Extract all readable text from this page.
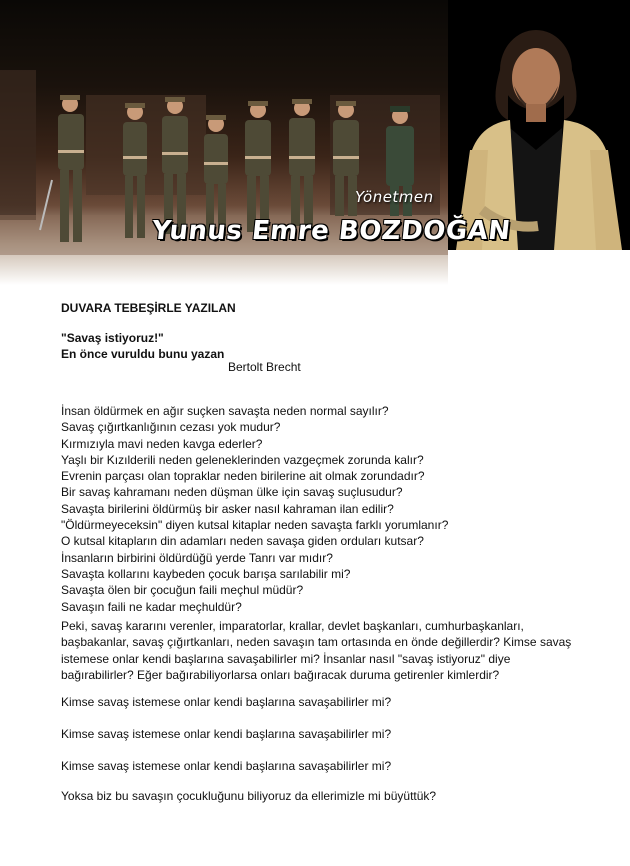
Yönetmen
Yunus Emre BOZDOĞAN
DUVARA TEBEŞİRLE YAZILAN
"Savaş istiyoruz!"
En önce vuruldu bunu yazan
Bertolt Brecht
İnsan öldürmek en ağır suçken savaşta neden normal sayılır?
Savaş çığırtkanlığının cezası yok mudur?
Kırmızıyla mavi neden kavga ederler?
Yaşlı bir Kızılderili neden geleneklerinden vazgeçmek zorunda kalır?
Evrenin parçası olan topraklar neden birilerine ait olmak zorundadır?
Bir savaş kahramanı neden düşman ülke için savaş suçlusudur?
Savaşta birilerini öldürmüş bir asker nasıl kahraman ilan edilir?
"Öldürmeyeceksin" diyen kutsal kitaplar neden savaşta farklı yorumlanır?
O kutsal kitapların din adamları neden savaşa giden orduları kutsar?
İnsanların birbirini öldürdüğü yerde Tanrı var mıdır?
Savaşta kollarını kaybeden çocuk barışa sarılabilir mi?
Savaşta ölen bir çocuğun faili meçhul müdür?
Savaşın faili ne kadar meçhuldür?
Peki, savaş kararını verenler, imparatorlar, krallar, devlet başkanları, cumhurbaşkanları, başbakanlar, savaş çığırtkanları, neden savaşın tam ortasında en önde değillerdir? Kimse savaş istemese onlar kendi başlarına savaşabilirler mi? İnsanlar nasıl "savaş istiyoruz" diye bağırabilirler? Eğer bağırabiliyorlarsa onları bağıracak duruma getirenler kimlerdir?
Kimse savaş istemese onlar kendi başlarına savaşabilirler mi?
Kimse savaş istemese onlar kendi başlarına savaşabilirler mi?
Kimse savaş istemese onlar kendi başlarına savaşabilirler mi?
Yoksa biz bu savaşın çocukluğunu biliyoruz da ellerimizle mi büyüttük?
